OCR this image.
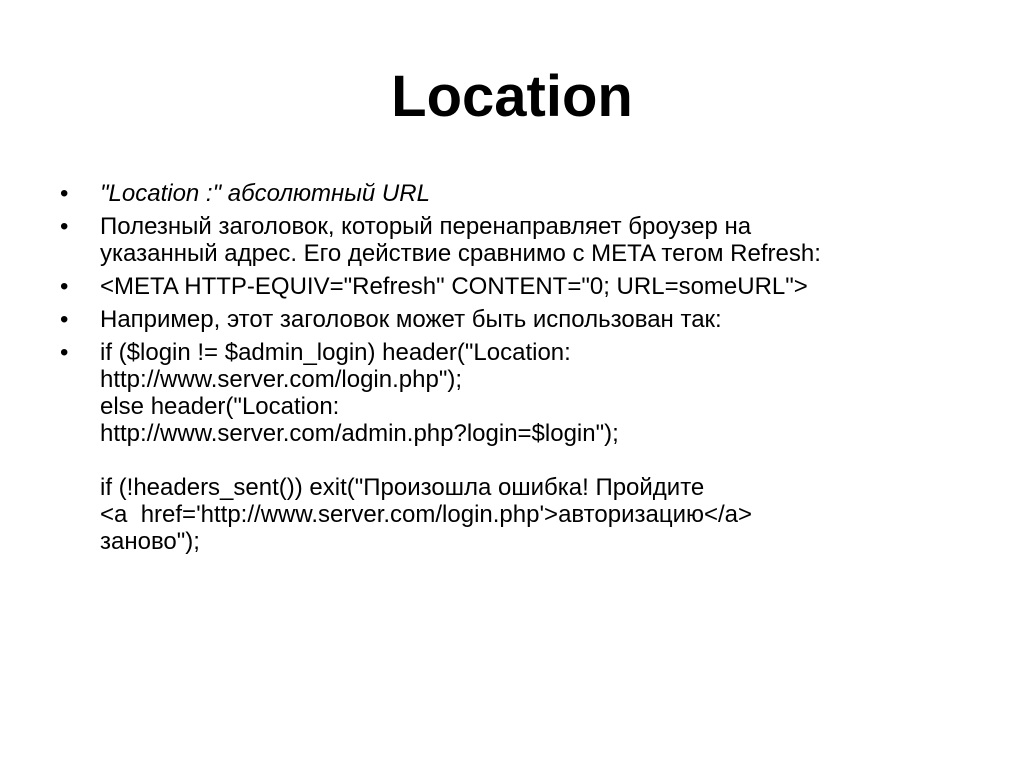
Location
• "Location :" абсолютный URL
• Полезный заголовок, который перенаправляет броузер на
указанный адрес. Его действие сравнимо с META тегом Refresh:
• <META HTTP-EQUIV="Refresh" CONTENT="0; URL=someURL">
• Например, этот заголовок может быть использован так:
• if ($login != $admin_login) header("Location:
http://www.server.com/login.php");
else header("Location:
http://www.server.com/admin.php?login=$login");
if (!headers_sent()) exit("Произошла ошибка! Пройдите
<a  href='http://www.server.com/login.php'>авторизацию</a>
заново");
